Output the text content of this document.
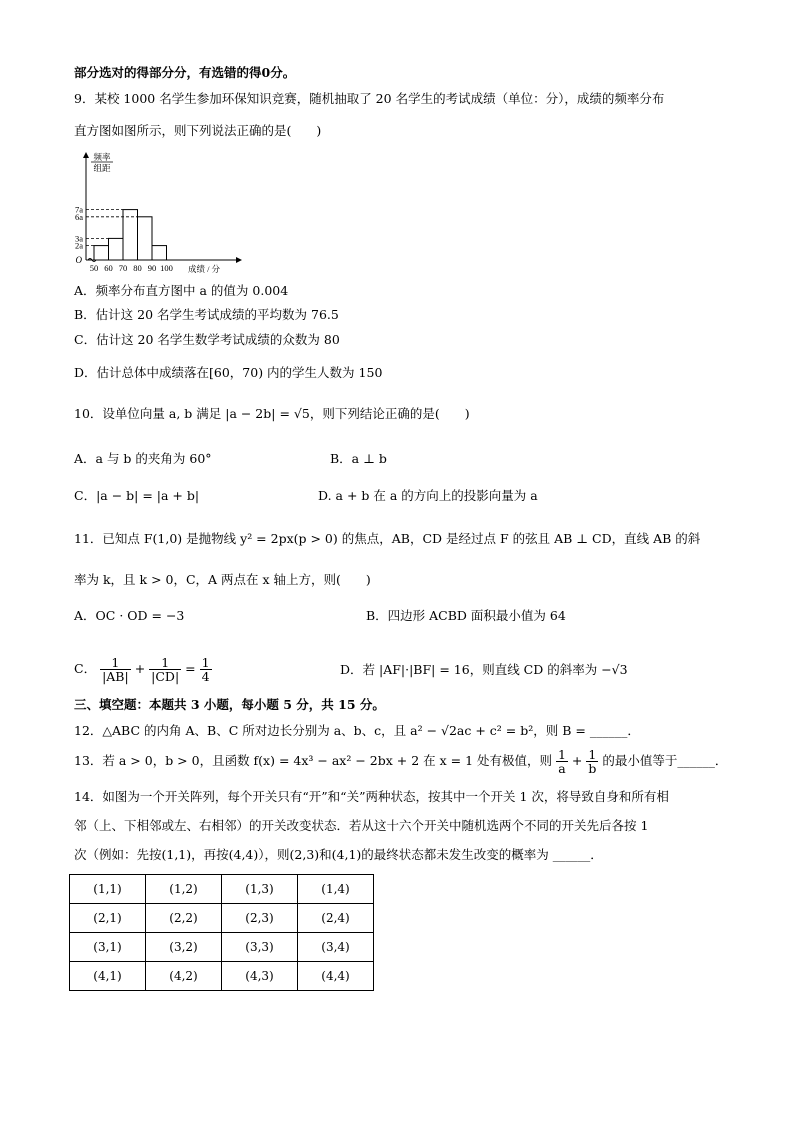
部分选对的得部分分，有选错的得0分。
9．某校 1000 名学生参加环保知识竞赛，随机抽取了 20 名学生的考试成绩（单位：分），成绩的频率分布
直方图如图所示，则下列说法正确的是(　　)
7a
6a
3a
2a
50 60 70 80 90 100
O
频率
组距
成绩 / 分
A．频率分布直方图中 a 的值为 0.004
B．估计这 20 名学生考试成绩的平均数为 76.5
C．估计这 20 名学生数学考试成绩的众数为 80
D．估计总体中成绩落在[60，70) 内的学生人数为 150
10．设单位向量 a, b 满足 |a − 2b| = √5，则下列结论正确的是(　　)
A．a 与 b 的夹角为 60°	B．a ⊥ b
C．|a − b| = |a + b|	D. a + b 在 a 的方向上的投影向量为 a
11．已知点 F(1,0) 是抛物线 y² = 2px(p > 0) 的焦点，AB，CD 是经过点 F 的弦且 AB ⊥ CD，直线 AB 的斜
率为 k，且 k > 0，C，A 两点在 x 轴上方，则(　　)
A．OC · OD = −3	B．四边形 ACBD 面积最小值为 64
C． $\frac{1}{|AB|} + \frac{1}{|CD|} = \frac{1}{4}$	D．若 |AF|·|BF| = 16，则直线 CD 的斜率为 −√3
三、填空题：本题共 3 小题，每小题 5 分，共 15 分。
12．△ABC 的内角 A、B、C 所对边长分别为 a、b、c，且 a² − √2ac + c² = b²，则 B = ______．
13．若 a > 0，b > 0，且函数 f(x) = 4x³ − ax² − 2bx + 2 在 x = 1 处有极值，则 $\frac{1}{a} + \frac{1}{b}$ 的最小值等于______．
14．如图为一个开关阵列，每个开关只有“开”和“关”两种状态，按其中一个开关 1 次，将导致自身和所有相
邻（上、下相邻或左、右相邻）的开关改变状态．若从这十六个开关中随机选两个不同的开关先后各按 1
次（例如：先按(1,1)，再按(4,4)），则(2,3)和(4,1)的最终状态都未发生改变的概率为 ______．
(1,1)	(1,2)	(1,3)	(1,4)
(2,1)	(2,2)	(2,3)	(2,4)
(3,1)	(3,2)	(3,3)	(3,4)
(4,1)	(4,2)	(4,3)	(4,4)
